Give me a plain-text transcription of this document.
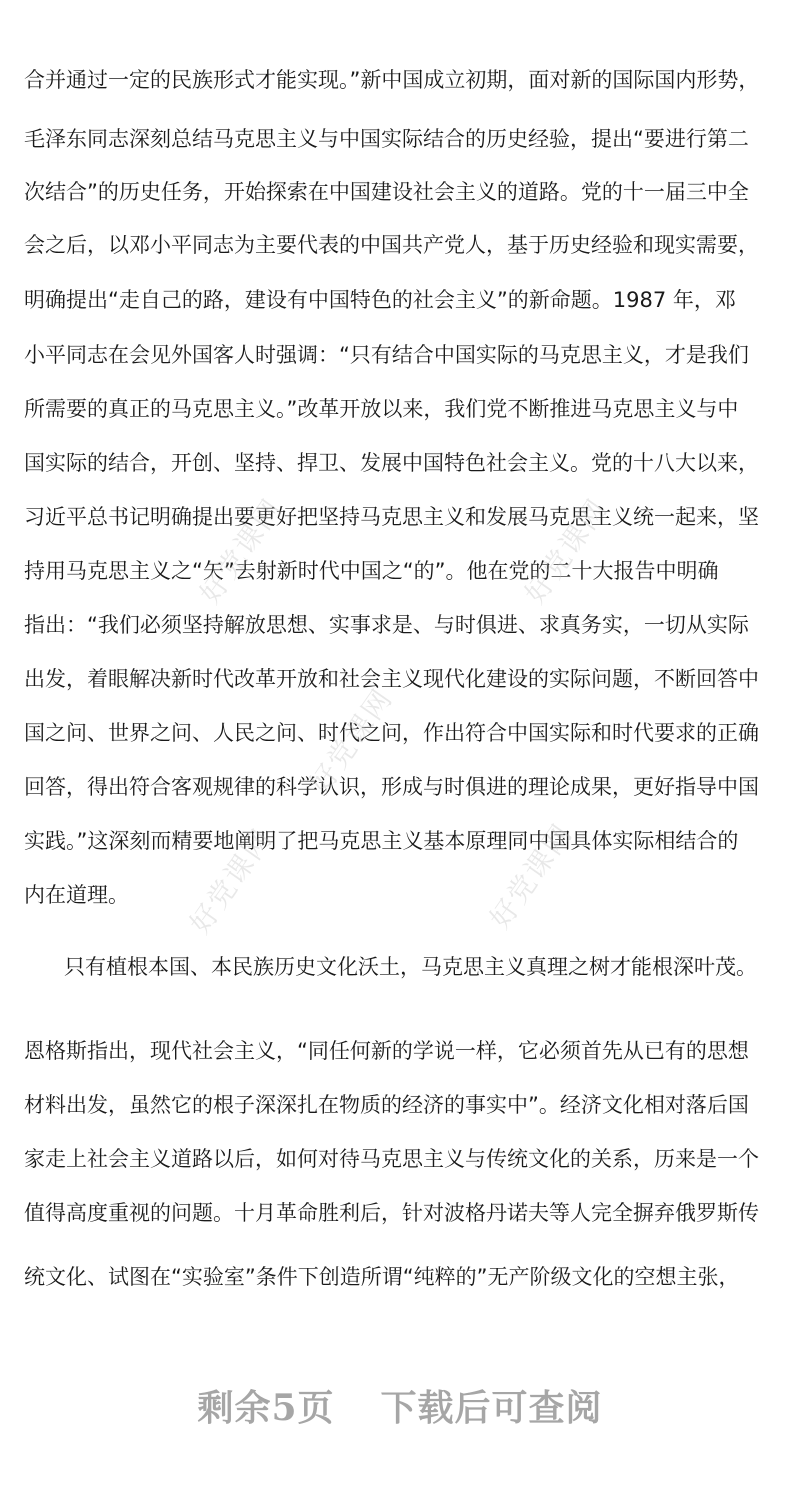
合并通过一定的民族形式才能实现。”新中国成立初期，面对新的国际国内形势，
毛泽东同志深刻总结马克思主义与中国实际结合的历史经验，提出“要进行第二
次结合”的历史任务，开始探索在中国建设社会主义的道路。党的十一届三中全
会之后，以邓小平同志为主要代表的中国共产党人，基于历史经验和现实需要，
明确提出“走自己的路，建设有中国特色的社会主义”的新命题。1987 年，邓
小平同志在会见外国客人时强调：“只有结合中国实际的马克思主义，才是我们
所需要的真正的马克思主义。”改革开放以来，我们党不断推进马克思主义与中
国实际的结合，开创、坚持、捍卫、发展中国特色社会主义。党的十八大以来，
习近平总书记明确提出要更好把坚持马克思主义和发展马克思主义统一起来，坚
持用马克思主义之“矢”去射新时代中国之“的”。他在党的二十大报告中明确
指出：“我们必须坚持解放思想、实事求是、与时俱进、求真务实，一切从实际
出发，着眼解决新时代改革开放和社会主义现代化建设的实际问题，不断回答中
国之问、世界之问、人民之问、时代之问，作出符合中国实际和时代要求的正确
回答，得出符合客观规律的科学认识，形成与时俱进的理论成果，更好指导中国
实践。”这深刻而精要地阐明了把马克思主义基本原理同中国具体实际相结合的
内在道理。
只有植根本国、本民族历史文化沃土，马克思主义真理之树才能根深叶茂。
恩格斯指出，现代社会主义，“同任何新的学说一样，它必须首先从已有的思想
材料出发，虽然它的根子深深扎在物质的经济的事实中”。经济文化相对落后国
家走上社会主义道路以后，如何对待马克思主义与传统文化的关系，历来是一个
值得高度重视的问题。十月革命胜利后，针对波格丹诺夫等人完全摒弃俄罗斯传
统文化、试图在“实验室”条件下创造所谓“纯粹的”无产阶级文化的空想主张，
好党课网	好党课网
好党课网
好党课网	好党课网
剩余5页 下载后可查阅
